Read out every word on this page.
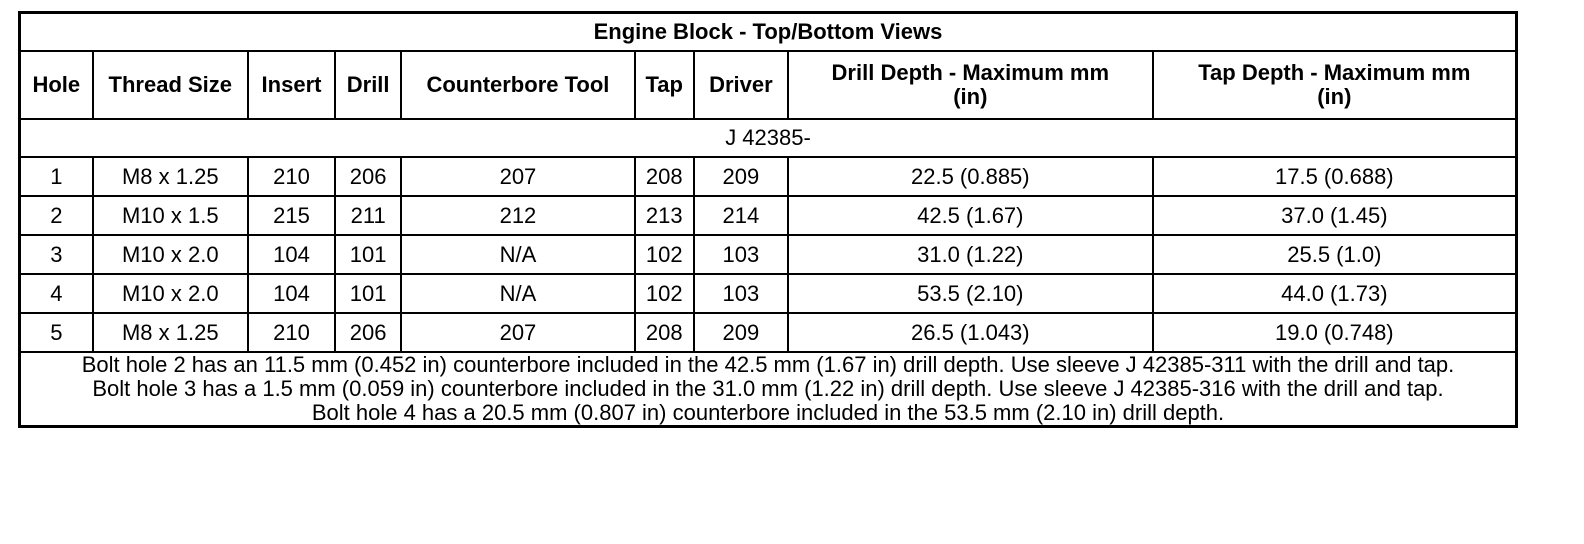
Engine Block - Top/Bottom Views								
Hole	Thread Size	Insert	Drill	Counterbore Tool	Tap	Driver	Drill Depth - Maximum mm (in)	Tap Depth - Maximum mm (in)

J 42385-								
1	M8 x 1.25	210	206	207	208	209	22.5 (0.885)	17.5 (0.688)
2	M10 x 1.5	215	211	212	213	214	42.5 (1.67)	37.0 (1.45)
3	M10 x 2.0	104	101	N/A	102	103	31.0 (1.22)	25.5 (1.0)
4	M10 x 2.0	104	101	N/A	102	103	53.5 (2.10)	44.0 (1.73)
5	M8 x 1.25	210	206	207	208	209	26.5 (1.043)	19.0 (0.748)

Bolt hole 2 has an 11.5 mm (0.452 in) counterbore included in the 42.5 mm (1.67 in) drill depth. Use sleeve J 42385-311 with the drill and tap.

Bolt hole 3 has a 1.5 mm (0.059 in) counterbore included in the 31.0 mm (1.22 in) drill depth. Use sleeve J 42385-316 with the drill and tap.

Bolt hole 4 has a 20.5 mm (0.807 in) counterbore included in the 53.5 mm (2.10 in) drill depth.								
